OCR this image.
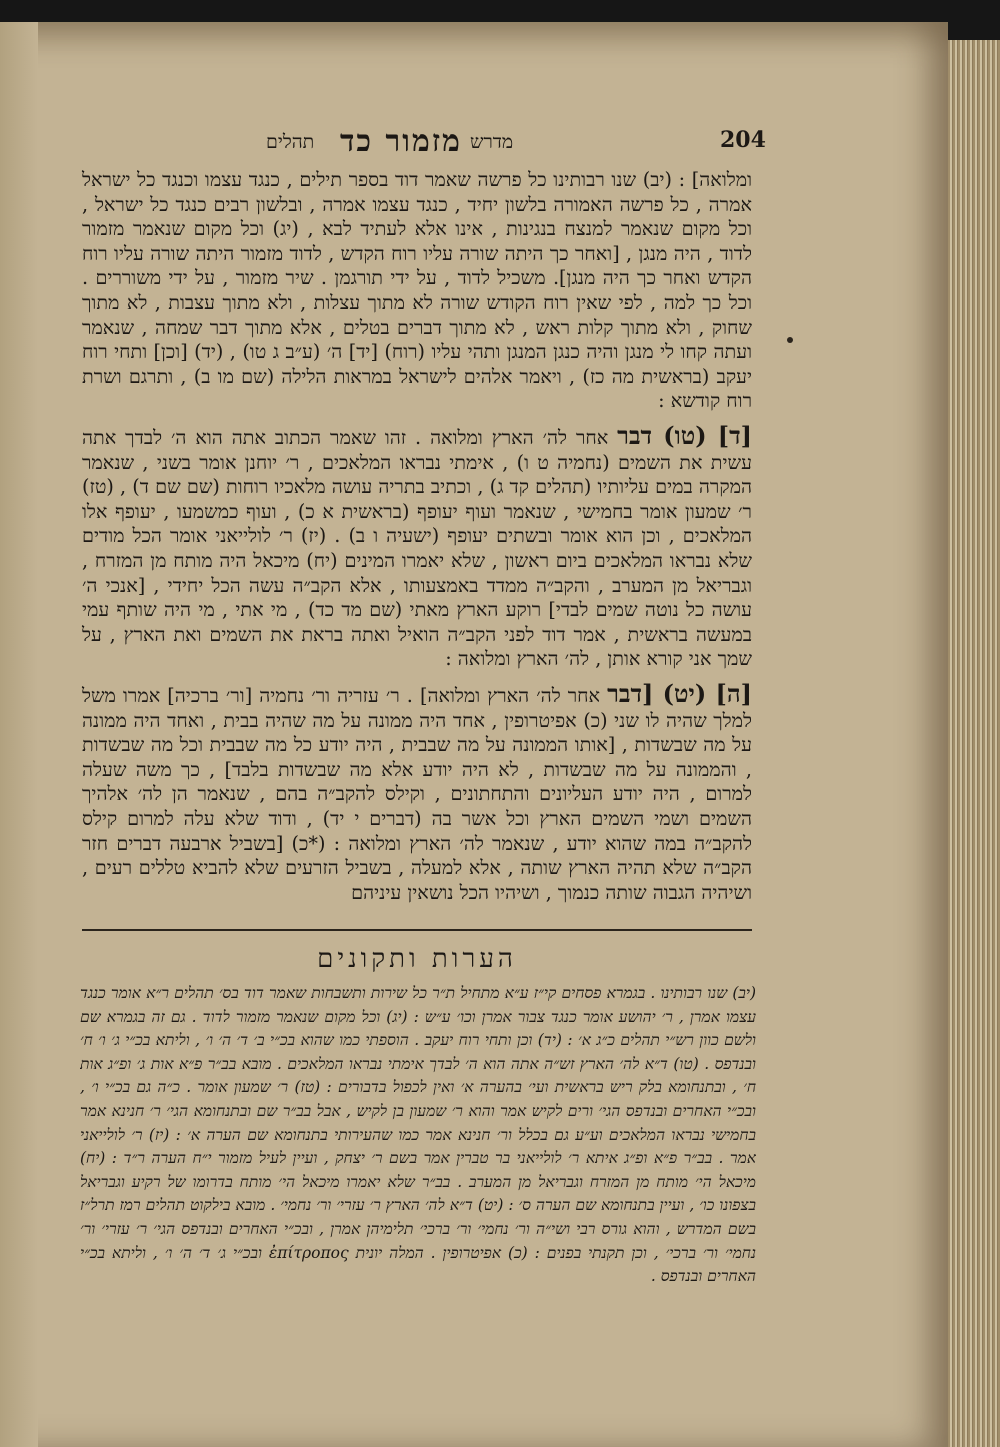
204
מדרש
מזמור כד
תהלים

ומלואה] : (יב) שנו רבותינו כל פרשה שאמר דוד בספר תילים , כנגד עצמו וכנגד כל ישראל אמרה , כל פרשה האמורה בלשון יחיד , כנגד עצמו אמרה , ובלשון רבים כנגד כל ישראל , וכל מקום שנאמר למנצח בנגינות , אינו אלא לעתיד לבא , (יג) וכל מקום שנאמר מזמור לדוד , היה מנגן , [ואחר כך היתה שורה עליו רוח הקדש , לדוד מזמור היתה שורה עליו רוח הקדש ואחר כך היה מנגן]. משכיל לדוד , על ידי תורגמן . שיר מזמור , על ידי משוררים . וכל כך למה , לפי שאין רוח הקודש שורה לא מתוך עצלות , ולא מתוך עצבות , לא מתוך שחוק , ולא מתוך קלות ראש , לא מתוך דברים בטלים , אלא מתוך דבר שמחה , שנאמר ועתה קחו לי מנגן והיה כנגן המנגן ותהי עליו (רוח) [יד] ה׳ (ע״ב ג טו) , (יד) [וכן] ותחי רוח יעקב (בראשית מה כז) , ויאמר אלהים לישראל במראות הלילה (שם מו ב) , ותרגם ושרת רוח קודשא :

[ד] (טו) דבר אחר לה׳ הארץ ומלואה . זהו שאמר הכתוב אתה הוא ה׳ לבדך אתה עשית את השמים (נחמיה ט ו) , אימתי נבראו המלאכים , ר׳ יוחנן אומר בשני , שנאמר המקרה במים עליותיו (תהלים קד ג) , וכתיב בתריה עושה מלאכיו רוחות (שם שם ד) , (טז) ר׳ שמעון אומר בחמישי , שנאמר ועוף יעופף (בראשית א כ) , ועוף כמשמעו , יעופף אלו המלאכים , וכן הוא אומר ובשתים יעופף (ישעיה ו ב) . (יז) ר׳ לולייאני אומר הכל מודים שלא נבראו המלאכים ביום ראשון , שלא יאמרו המינים (יח) מיכאל היה מותח מן המזרח , וגבריאל מן המערב , והקב״ה ממדד באמצעותו , אלא הקב״ה עשה הכל יחידי , [אנכי ה׳ עושה כל נוטה שמים לבדי] רוקע הארץ מאתי (שם מד כד) , מי אתי , מי היה שותף עמי במעשה בראשית , אמר דוד לפני הקב״ה הואיל ואתה בראת את השמים ואת הארץ , על שמך אני קורא אותן , לה׳ הארץ ומלואה :

[ה] (יט) [דבר אחר לה׳ הארץ ומלואה] . ר׳ עזריה ור׳ נחמיה [ור׳ ברכיה] אמרו משל למלך שהיה לו שני (כ) אפיטרופין , אחד היה ממונה על מה שהיה בבית , ואחד היה ממונה על מה שבשדות , [אותו הממונה על מה שבבית , היה יודע כל מה שבבית וכל מה שבשדות , והממונה על מה שבשדות , לא היה יודע אלא מה שבשדות בלבד] , כך משה שעלה למרום , היה יודע העליונים והתחתונים , וקילס להקב״ה בהם , שנאמר הן לה׳ אלהיך השמים ושמי השמים הארץ וכל אשר בה (דברים י יד) , ודוד שלא עלה למרום קילס להקב״ה במה שהוא יודע , שנאמר לה׳ הארץ ומלואה : (*כ) [בשביל ארבעה דברים חזר הקב״ה שלא תהיה הארץ שותה , אלא למעלה , בשביל הזרעים שלא להביא טללים רעים , ושיהיה הגבוה שותה כנמוך , ושיהיו הכל נושאין עיניהם

הערות ותקונים
(יב) שנו רבותינו . בגמרא פסחים קי״ז ע״א מתחיל ת״ר כל שירות ותשבחות שאמר דוד בס׳ תהלים ר״א אומר כנגד עצמו אמרן , ר׳ יהושע אומר כנגד צבור אמרן וכו׳ ע״ש : (יג) וכל מקום שנאמר מזמור לדוד . גם זה בגמרא שם ולשם כוון רש״י תהלים כ״ג א׳ : (יד) וכן ותחי רוח יעקב . הוספתי כמו שהוא בכ״י ב׳ ד׳ ה׳ ו׳ , וליתא בכ״י ג׳ ו׳ ח׳ ובנדפס . (טו) ד״א לה׳ הארץ זש״ה אתה הוא ה׳ לבדך אימתי נבראו המלאכים . מובא בב״ר פ״א אות ג׳ ופ״ג אות ח׳ , ובתנחומא בלק ריש בראשית ועי׳ בהערה א׳ ואין לכפול בדבורים : (טז) ר׳ שמעון אומר . כ״ה גם בכ״י ו׳ , ובכ״י האחרים ובנדפס הגי׳ ורים לקיש אמר והוא ר׳ שמעון בן לקיש , אבל בב״ר שם ובתנחומא הגי׳ ר׳ חנינא אמר בחמישי נבראו המלאכים וע״ע גם בכלל ור׳ חנינא אמר כמו שהעירותי בתנחומא שם הערה א׳ : (יז) ר׳ לולייאני אמר . בב״ר פ״א ופ״ג איתא ר׳ לולייאני בר טברין אמר בשם ר׳ יצחק , ועיין לעיל מזמור י״ח הערה ר״ד : (יח) מיכאל הי׳ מותח מן המזרח וגבריאל מן המערב . בב״ר שלא יאמרו מיכאל הי׳ מותח בדרומו של רקיע וגבריאל בצפונו כו׳ , ועיין בתנחומא שם הערה ס׳ : (יט) ד״א לה׳ הארץ ר׳ עזרי׳ ור׳ נחמי׳ . מובא בילקוט תהלים רמז תרל״ז בשם המדרש , והוא גורס רבי ושי״ה ור׳ נחמי׳ ור׳ ברכי׳ תלימיהן אמרן , ובכ״י האחרים ובנדפס הגי׳ ר׳ עזרי׳ ור׳ נחמי׳ ור׳ ברכי׳ , וכן תקנתי בפנים : (כ) אפיטרופין . המלה יונית ἐπίτροπος ובכ״י ג׳ ד׳ ה׳ ו׳ , וליתא בכ״י האחרים ובנדפס .
